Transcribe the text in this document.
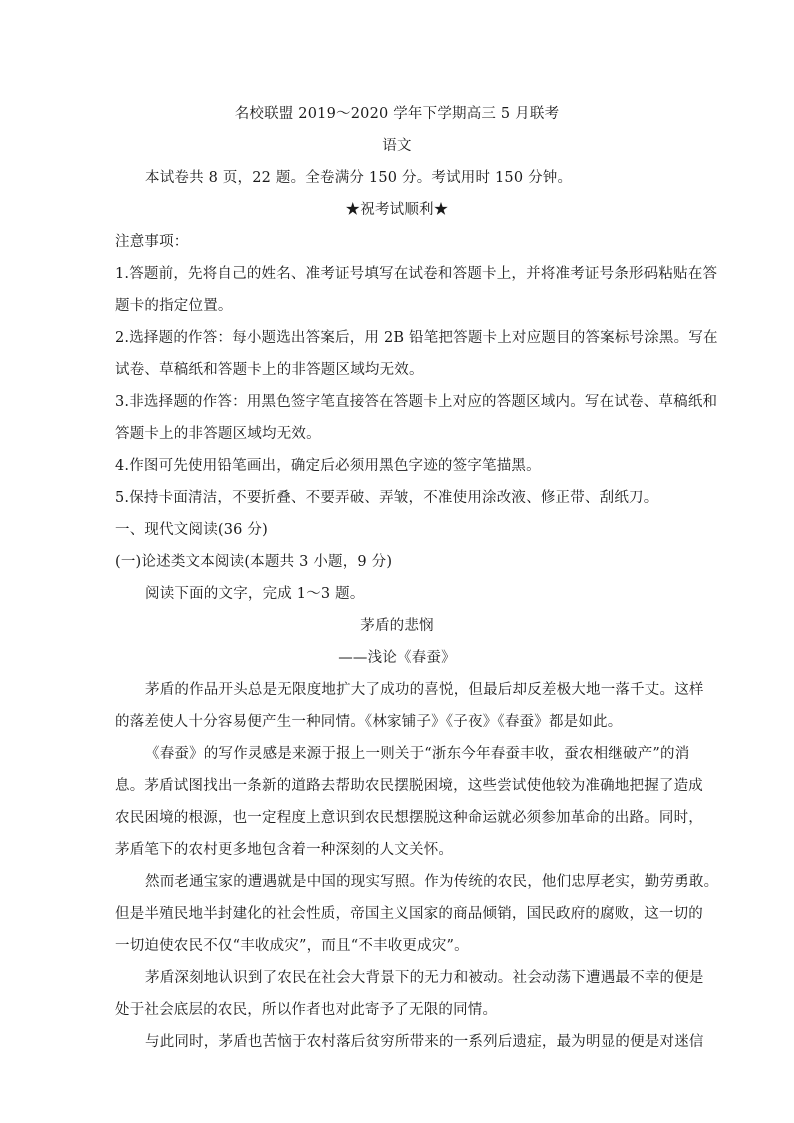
名校联盟 2019～2020 学年下学期高三 5 月联考
语文
本试卷共 8 页，22 题。全卷满分 150 分。考试用时 150 分钟。
★祝考试顺利★
注意事项：
1.答题前，先将自己的姓名、准考证号填写在试卷和答题卡上，并将准考证号条形码粘贴在答
题卡的指定位置。
2.选择题的作答：每小题选出答案后，用 2B 铅笔把答题卡上对应题目的答案标号涂黑。写在
试卷、草稿纸和答题卡上的非答题区域均无效。
3.非选择题的作答：用黑色签字笔直接答在答题卡上对应的答题区域内。写在试卷、草稿纸和
答题卡上的非答题区域均无效。
4.作图可先使用铅笔画出，确定后必须用黑色字迹的签字笔描黑。
5.保持卡面清洁，不要折叠、不要弄破、弄皱，不准使用涂改液、修正带、刮纸刀。
一、现代文阅读(36 分)
(一)论述类文本阅读(本题共 3 小题，9 分)
阅读下面的文字，完成 1～3 题。
茅盾的悲悯
——浅论《春蚕》
茅盾的作品开头总是无限度地扩大了成功的喜悦，但最后却反差极大地一落千丈。这样
的落差使人十分容易便产生一种同情。《林家铺子》《子夜》《春蚕》都是如此。
《春蚕》的写作灵感是来源于报上一则关于“浙东今年春蚕丰收，蚕农相继破产”的消
息。茅盾试图找出一条新的道路去帮助农民摆脱困境，这些尝试使他较为准确地把握了造成
农民困境的根源，也一定程度上意识到农民想摆脱这种命运就必须参加革命的出路。同时，
茅盾笔下的农村更多地包含着一种深刻的人文关怀。
然而老通宝家的遭遇就是中国的现实写照。作为传统的农民，他们忠厚老实，勤劳勇敢。
但是半殖民地半封建化的社会性质，帝国主义国家的商品倾销，国民政府的腐败，这一切的
一切迫使农民不仅“丰收成灾”，而且“不丰收更成灾”。
茅盾深刻地认识到了农民在社会大背景下的无力和被动。社会动荡下遭遇最不幸的便是
处于社会底层的农民，所以作者也对此寄予了无限的同情。
与此同时，茅盾也苦恼于农村落后贫穷所带来的一系列后遗症，最为明显的便是对迷信
